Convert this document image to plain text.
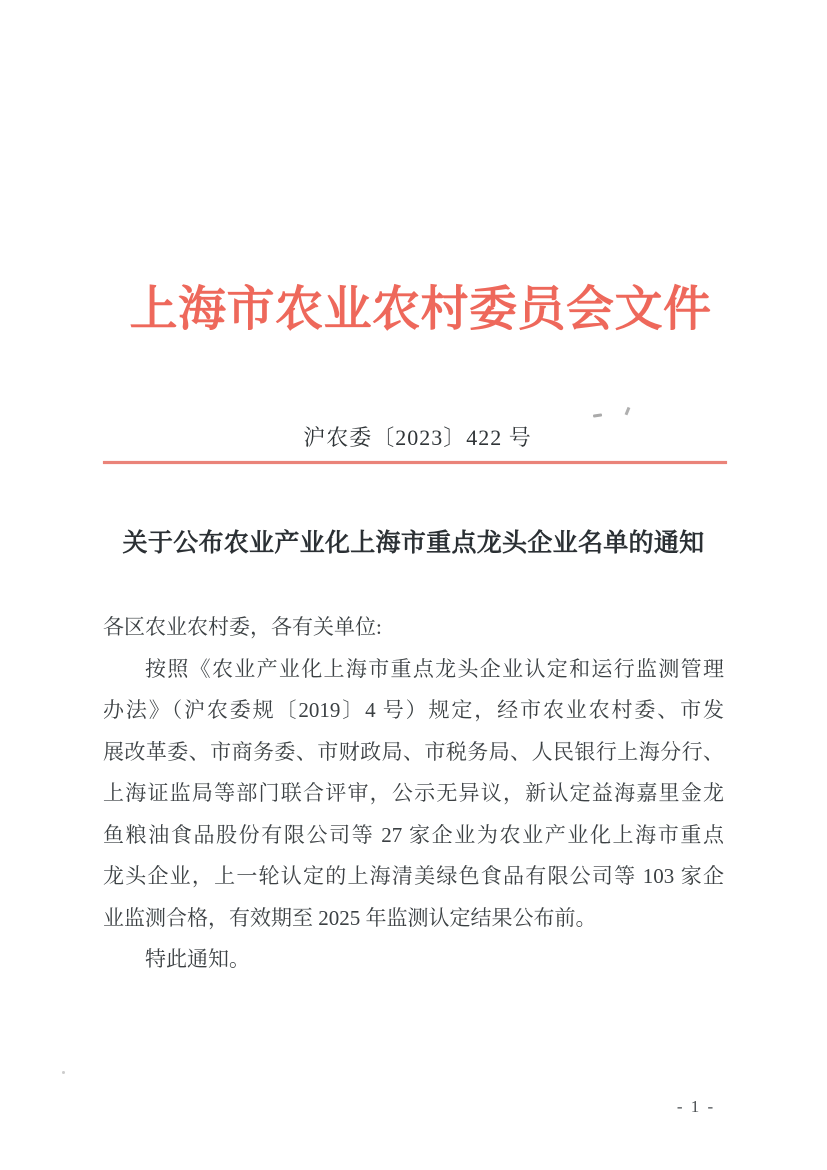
上海市农业农村委员会文件
沪农委〔2023〕422 号
关于公布农业产业化上海市重点龙头企业名单的通知
各区农业农村委，各有关单位:
按照《农业产业化上海市重点龙头企业认定和运行监测管理
办法》（沪农委规〔2019〕4 号）规定，经市农业农村委、市发
展改革委、市商务委、市财政局、市税务局、人民银行上海分行、
上海证监局等部门联合评审，公示无异议，新认定益海嘉里金龙
鱼粮油食品股份有限公司等 27 家企业为农业产业化上海市重点
龙头企业，上一轮认定的上海清美绿色食品有限公司等 103 家企
业监测合格，有效期至 2025 年监测认定结果公布前。
特此通知。
- 1 -
